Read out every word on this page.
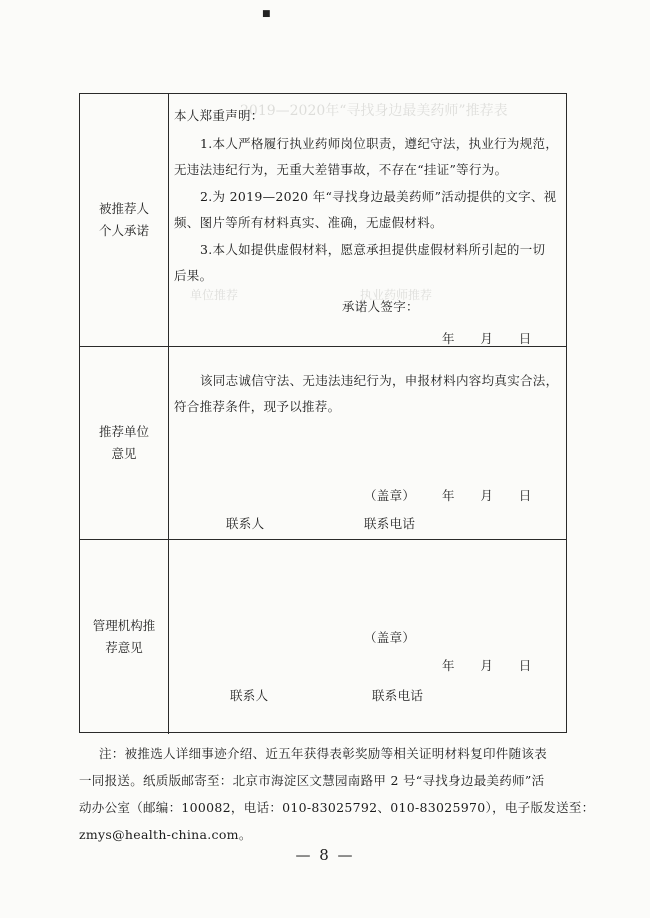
■
2019—2020年“寻找身边最美药师”推荐表
单位推荐	执业药师推荐
被推荐人
个人承诺
本人郑重声明：
1.本人严格履行执业药师岗位职责，遵纪守法，执业行为规范，
无违法违纪行为，无重大差错事故，不存在“挂证”等行为。
2.为 2019—2020 年“寻找身边最美药师”活动提供的文字、视
频、图片等所有材料真实、准确，无虚假材料。
3.本人如提供虚假材料，愿意承担提供虚假材料所引起的一切
后果。
承诺人签字：
年　　月　　日
推荐单位
意见
该同志诚信守法、无违法违纪行为，申报材料内容均真实合法，
符合推荐条件，现予以推荐。
（盖章） 年　　月　　日
联系人	联系电话
管理机构推
荐意见
（盖章）
年　　月　　日
联系人	联系电话
注：被推选人详细事迹介绍、近五年获得表彰奖励等相关证明材料复印件随该表
一同报送。纸质版邮寄至：北京市海淀区文慧园南路甲 2 号“寻找身边最美药师”活
动办公室（邮编：100082，电话：010-83025792、010-83025970），电子版发送至：
zmys@health-china.com。
— 8 —
